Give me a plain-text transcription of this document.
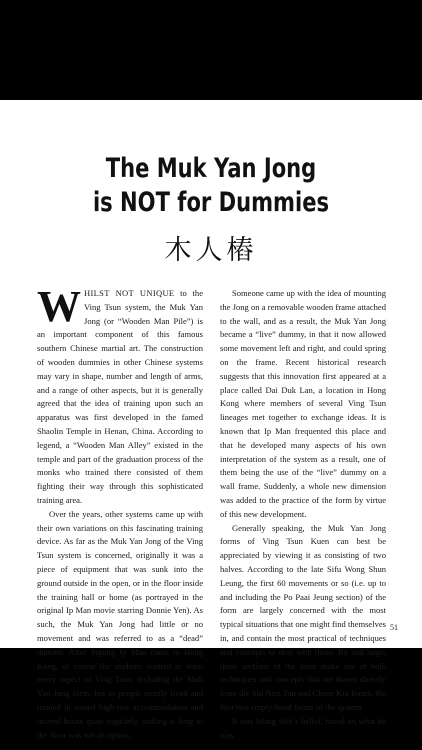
The Muk Yan Jong
is NOT for Dummies
木人樁

WHILST NOT UNIQUE to the Ving Tsun system, the Muk Yan Jong (or “Wooden Man Pile”) is an important component of this famous southern Chinese martial art. The construction of wooden dummies in other Chinese systems may vary in shape, number and length of arms, and a range of other aspects, but it is generally agreed that the idea of training upon such an apparatus was first developed in the famed Shaolin Temple in Henan, China. According to legend, a “Wooden Man Alley” existed in the temple and part of the graduation process of the monks who trained there consisted of them fighting their way through this sophisticated training area.

Over the years, other systems came up with their own variations on this fascinating training device. As far as the Muk Yan Jong of the Ving Tsun system is concerned, originally it was a piece of equipment that was sunk into the ground outside in the open, or in the floor inside the training hall or home (as portrayed in the original Ip Man movie starring Donnie Yen). As such, the Muk Yan Jong had little or no movement and was referred to as a “dead” dummy. After Sigung Ip Man came to Hong Kong, of course the students wanted to learn every aspect of Ving Tsun, including the Muk Yan Jong form, but as people mostly lived and trained in rented high-rise accommodation and moved house quite regularly, sinking a Jong in the floor was not an option.

Someone came up with the idea of mounting the Jong on a removable wooden frame attached to the wall, and as a result, the Muk Yan Jong became a “live” dummy, in that it now allowed some movement left and right, and could spring on the frame. Recent historical research suggests that this innovation first appeared at a place called Dai Duk Lan, a location in Hong Kong where members of several Ving Tsun lineages met together to exchange ideas. It is known that Ip Man frequented this place and that he developed many aspects of his own interpretation of the system as a result, one of them being the use of the “live” dummy on a wall frame. Suddenly, a whole new dimension was added to the practice of the form by virtue of this new development.

Generally speaking, the Muk Yan Jong forms of Ving Tsun Kuen can best be appreciated by viewing it as consisting of two halves. According to the late Sifu Wong Shun Leung, the first 60 movements or so (i.e. up to and including the Po Paai Jeung section) of the form are largely concerned with the most typical situations that one might find themselves in, and contain the most practical of techniques and concepts to deal with these. By and large, these sections of the form make use of both techniques and concepts that are drawn directly from the Siu Nim Tau and Chum Kiu forms, the first two empty-hand forms of the system.

It was Wong Sifu’s belief, based on what he was

51
